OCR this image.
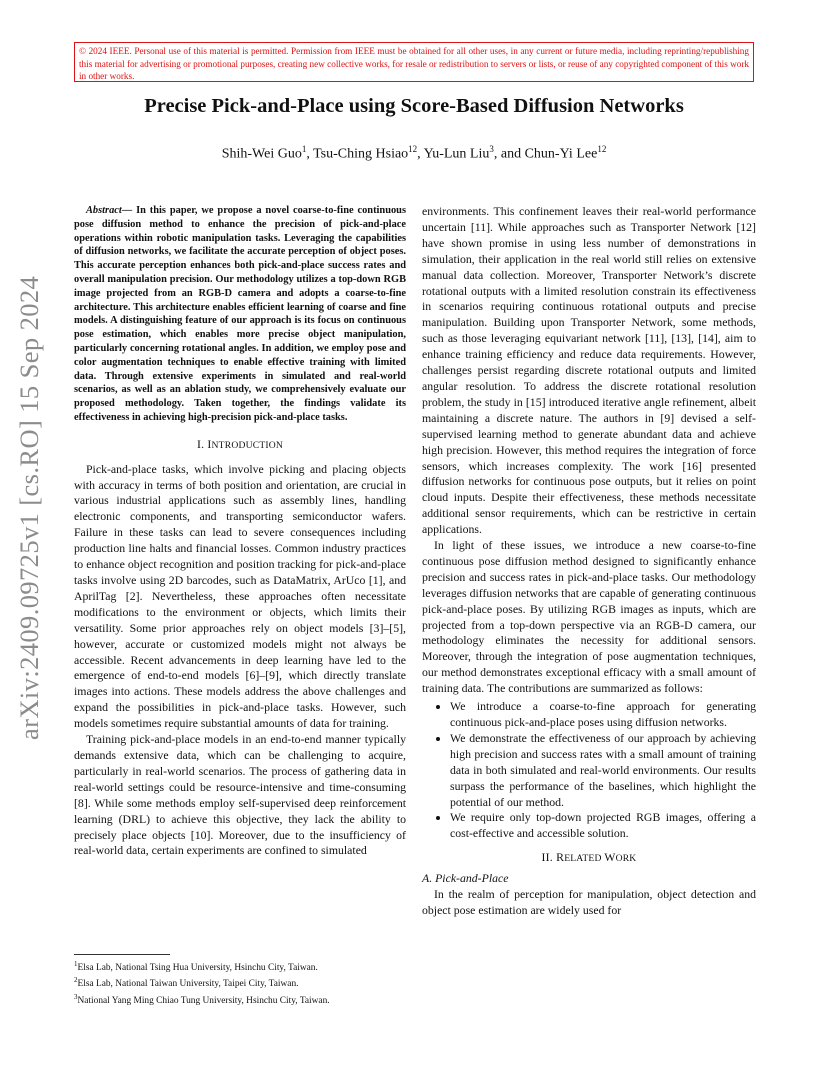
© 2024 IEEE. Personal use of this material is permitted. Permission from IEEE must be obtained for all other uses, in any current or future media, including reprinting/republishing this material for advertising or promotional purposes, creating new collective works, for resale or redistribution to servers or lists, or reuse of any copyrighted component of this work in other works.
arXiv:2409.09725v1 [cs.RO] 15 Sep 2024
Precise Pick-and-Place using Score-Based Diffusion Networks
Shih-Wei Guo$^1$, Tsu-Ching Hsiao$^{12}$, Yu-Lun Liu$^3$, and Chun-Yi Lee$^{12}$

Abstract— In this paper, we propose a novel coarse-to-fine continuous pose diffusion method to enhance the precision of pick-and-place operations within robotic manipulation tasks. Leveraging the capabilities of diffusion networks, we facilitate the accurate perception of object poses. This accurate perception enhances both pick-and-place success rates and overall manipulation precision. Our methodology utilizes a top-down RGB image projected from an RGB-D camera and adopts a coarse-to-fine architecture. This architecture enables efficient learning of coarse and fine models. A distinguishing feature of our approach is its focus on continuous pose estimation, which enables more precise object manipulation, particularly concerning rotational angles. In addition, we employ pose and color augmentation techniques to enable effective training with limited data. Through extensive experiments in simulated and real-world scenarios, as well as an ablation study, we comprehensively evaluate our proposed methodology. Taken together, the findings validate its effectiveness in achieving high-precision pick-and-place tasks.

I. INTRODUCTION

Pick-and-place tasks, which involve picking and placing objects with accuracy in terms of both position and orientation, are crucial in various industrial applications such as assembly lines, handling electronic components, and transporting semiconductor wafers. Failure in these tasks can lead to severe consequences including production line halts and financial losses. Common industry practices to enhance object recognition and position tracking for pick-and-place tasks involve using 2D barcodes, such as DataMatrix, ArUco [1], and AprilTag [2]. Nevertheless, these approaches often necessitate modifications to the environment or objects, which limits their versatility. Some prior approaches rely on object models [3]–[5], however, accurate or customized models might not always be accessible. Recent advancements in deep learning have led to the emergence of end-to-end models [6]–[9], which directly translate images into actions. These models address the above challenges and expand the possibilities in pick-and-place tasks. However, such models sometimes require substantial amounts of data for training.

Training pick-and-place models in an end-to-end manner typically demands extensive data, which can be challenging to acquire, particularly in real-world scenarios. The process of gathering data in real-world settings could be resource-intensive and time-consuming [8]. While some methods employ self-supervised deep reinforcement learning (DRL) to achieve this objective, they lack the ability to precisely place objects [10]. Moreover, due to the insufficiency of real-world data, certain experiments are confined to simulated

environments. This confinement leaves their real-world performance uncertain [11]. While approaches such as Transporter Network [12] have shown promise in using less number of demonstrations in simulation, their application in the real world still relies on extensive manual data collection. Moreover, Transporter Network’s discrete rotational outputs with a limited resolution constrain its effectiveness in scenarios requiring continuous rotational outputs and precise manipulation. Building upon Transporter Network, some methods, such as those leveraging equivariant network [11], [13], [14], aim to enhance training efficiency and reduce data requirements. However, challenges persist regarding discrete rotational outputs and limited angular resolution. To address the discrete rotational resolution problem, the study in [15] introduced iterative angle refinement, albeit maintaining a discrete nature. The authors in [9] devised a self-supervised learning method to generate abundant data and achieve high precision. However, this method requires the integration of force sensors, which increases complexity. The work [16] presented diffusion networks for continuous pose outputs, but it relies on point cloud inputs. Despite their effectiveness, these methods necessitate additional sensor requirements, which can be restrictive in certain applications.

In light of these issues, we introduce a new coarse-to-fine continuous pose diffusion method designed to significantly enhance precision and success rates in pick-and-place tasks. Our methodology leverages diffusion networks that are capable of generating continuous pick-and-place poses. By utilizing RGB images as inputs, which are projected from a top-down perspective via an RGB-D camera, our methodology eliminates the necessity for additional sensors. Moreover, through the integration of pose augmentation techniques, our method demonstrates exceptional efficacy with a small amount of training data. The contributions are summarized as follows:

• We introduce a coarse-to-fine approach for generating continuous pick-and-place poses using diffusion networks.
• We demonstrate the effectiveness of our approach by achieving high precision and success rates with a small amount of training data in both simulated and real-world environments. Our results surpass the performance of the baselines, which highlight the potential of our method.
• We require only top-down projected RGB images, offering a cost-effective and accessible solution.
II. RELATED WORK
A. Pick-and-Place

In the realm of perception for manipulation, object detection and object pose estimation are widely used for

$^1$Elsa Lab, National Tsing Hua University, Hsinchu City, Taiwan.
$^2$Elsa Lab, National Taiwan University, Taipei City, Taiwan.
$^3$National Yang Ming Chiao Tung University, Hsinchu City, Taiwan.
